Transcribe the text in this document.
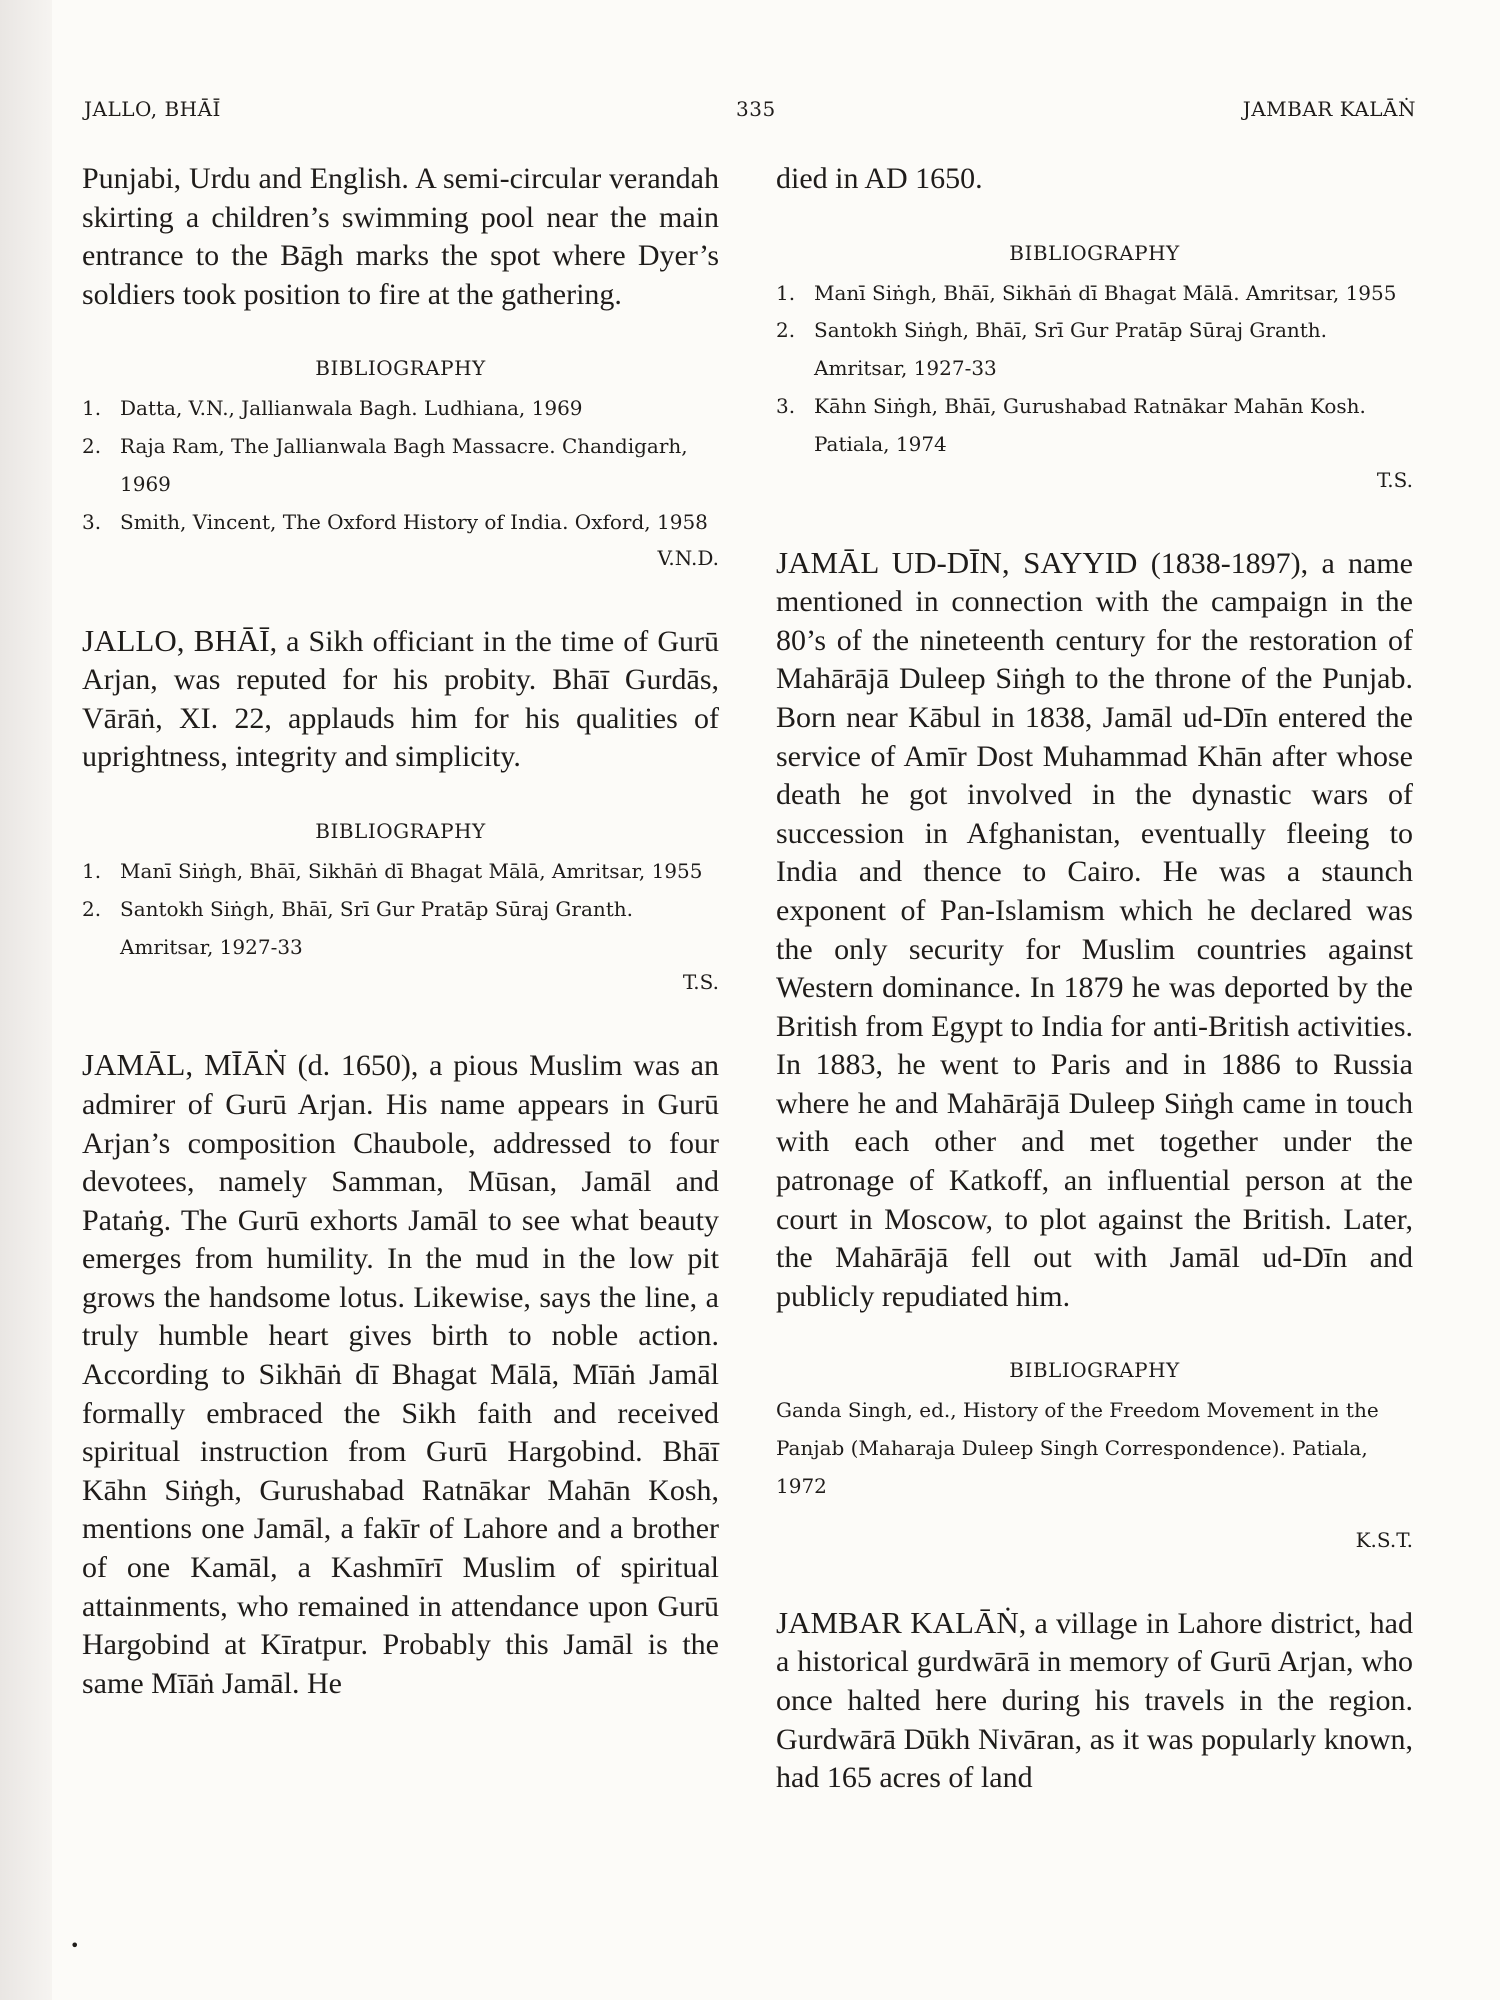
JALLO, BHĀĪ	335	JAMBAR KALĀṄ

Punjabi, Urdu and English. A semi-circular verandah skirting a children’s swimming pool near the main entrance to the Bāgh marks the spot where Dyer’s soldiers took position to fire at the gathering.

BIBLIOGRAPHY
1. Datta, V.N., Jallianwala Bagh. Ludhiana, 1969
2. Raja Ram, The Jallianwala Bagh Massacre. Chandigarh, 1969
3. Smith, Vincent, The Oxford History of India. Oxford, 1958
V.N.D.

JALLO, BHĀĪ, a Sikh officiant in the time of Gurū Arjan, was reputed for his probity. Bhāī Gurdās, Vārāṅ, XI. 22, applauds him for his qualities of uprightness, integrity and simplicity.

BIBLIOGRAPHY
1. Manī Siṅgh, Bhāī, Sikhāṅ dī Bhagat Mālā, Amritsar, 1955
2. Santokh Siṅgh, Bhāī, Srī Gur Pratāp Sūraj Granth. Amritsar, 1927-33
T.S.

JAMĀL, MĪĀṄ (d. 1650), a pious Muslim was an admirer of Gurū Arjan. His name appears in Gurū Arjan’s composition Chaubole, addressed to four devotees, namely Samman, Mūsan, Jamāl and Pataṅg. The Gurū exhorts Jamāl to see what beauty emerges from humility. In the mud in the low pit grows the handsome lotus. Likewise, says the line, a truly humble heart gives birth to noble action. According to Sikhāṅ dī Bhagat Mālā, Mīāṅ Jamāl formally embraced the Sikh faith and received spiritual instruction from Gurū Hargobind. Bhāī Kāhn Siṅgh, Gurushabad Ratnākar Mahān Kosh, mentions one Jamāl, a fakīr of Lahore and a brother of one Kamāl, a Kashmīrī Muslim of spiritual attainments, who remained in attendance upon Gurū Hargobind at Kīratpur. Probably this Jamāl is the same Mīāṅ Jamāl. He

died in AD 1650.

BIBLIOGRAPHY
1. Manī Siṅgh, Bhāī, Sikhāṅ dī Bhagat Mālā. Amritsar, 1955
2. Santokh Siṅgh, Bhāī, Srī Gur Pratāp Sūraj Granth. Amritsar, 1927-33
3. Kāhn Siṅgh, Bhāī, Gurushabad Ratnākar Mahān Kosh. Patiala, 1974
T.S.

JAMĀL UD-DĪN, SAYYID (1838-1897), a name mentioned in connection with the campaign in the 80’s of the nineteenth century for the restoration of Mahārājā Duleep Siṅgh to the throne of the Punjab. Born near Kābul in 1838, Jamāl ud-Dīn entered the service of Amīr Dost Muhammad Khān after whose death he got involved in the dynastic wars of succession in Afghanistan, eventually fleeing to India and thence to Cairo. He was a staunch exponent of Pan-Islamism which he declared was the only security for Muslim countries against Western dominance. In 1879 he was deported by the British from Egypt to India for anti-British activities. In 1883, he went to Paris and in 1886 to Russia where he and Mahārājā Duleep Siṅgh came in touch with each other and met together under the patronage of Katkoff, an influential person at the court in Moscow, to plot against the British. Later, the Mahārājā fell out with Jamāl ud-Dīn and publicly repudiated him.

BIBLIOGRAPHY
Ganda Singh, ed., History of the Freedom Movement in the Panjab (Maharaja Duleep Singh Correspondence). Patiala, 1972
K.S.T.

JAMBAR KALĀṄ, a village in Lahore district, had a historical gurdwārā in memory of Gurū Arjan, who once halted here during his travels in the region. Gurdwārā Dūkh Nivāran, as it was popularly known, had 165 acres of land

•
